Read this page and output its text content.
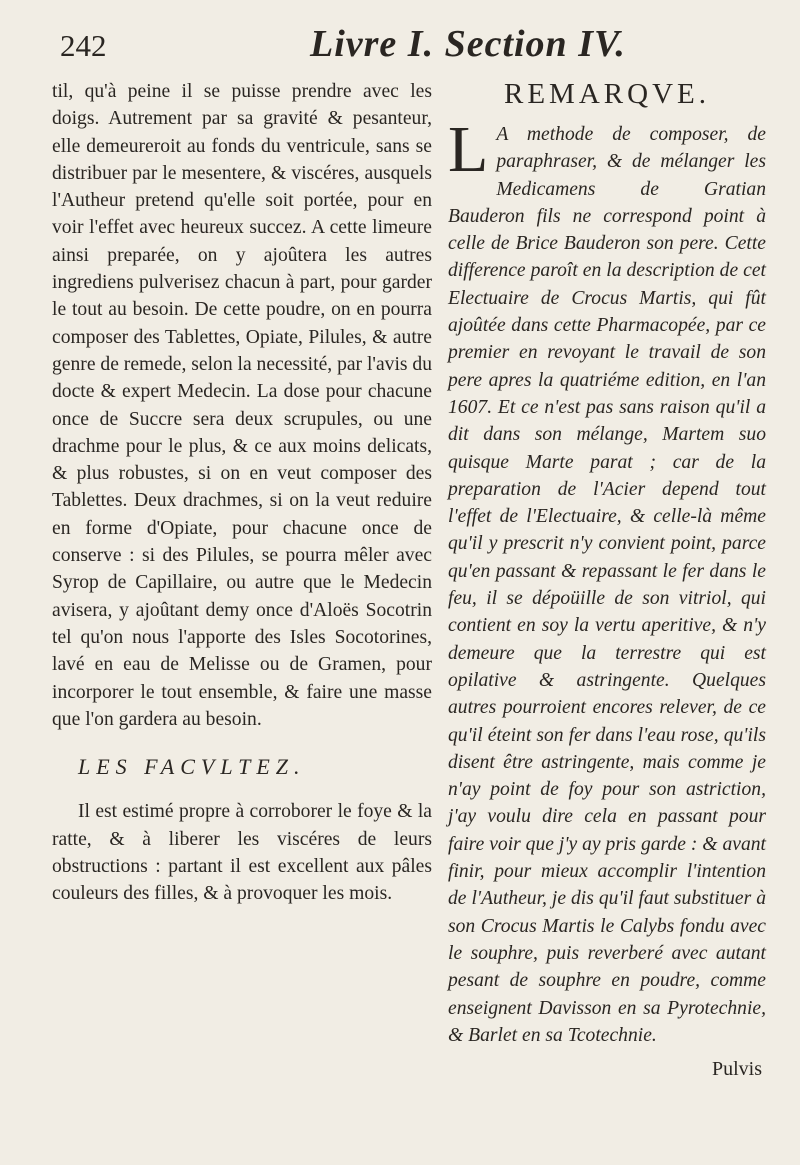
242	Livre I. Section IV.

til, qu'à peine il se puisse prendre avec les doigs. Autrement par sa gravité & pesanteur, elle demeureroit au fonds du ventricule, sans se distribuer par le mesentere, & viscéres, ausquels l'Autheur pretend qu'elle soit portée, pour en voir l'effet avec heureux succez. A cette limeure ainsi preparée, on y ajoûtera les autres ingrediens pulverisez chacun à part, pour garder le tout au besoin. De cette poudre, on en pourra composer des Tablettes, Opiate, Pilules, & autre genre de remede, selon la necessité, par l'avis du docte & expert Medecin. La dose pour chacune once de Succre sera deux scrupules, ou une drachme pour le plus, & ce aux moins delicats, & plus robustes, si on en veut composer des Tablettes. Deux drachmes, si on la veut reduire en forme d'Opiate, pour chacune once de conserve : si des Pilules, se pourra mêler avec Syrop de Capillaire, ou autre que le Medecin avisera, y ajoûtant demy once d'Aloës Socotrin tel qu'on nous l'apporte des Isles Socotorines, lavé en eau de Melisse ou de Gramen, pour incorporer le tout ensemble, & faire une masse que l'on gardera au besoin.

LES FACVLTEZ.

Il est estimé propre à corroborer le foye & la ratte, & à liberer les viscéres de leurs obstructions : partant il est excellent aux pâles couleurs des filles, & à provoquer les mois.

REMARQVE.

L A methode de composer, de paraphraser, & de mélanger les Medicamens de Gratian Bauderon fils ne correspond point à celle de Brice Bauderon son pere. Cette difference paroît en la description de cet Electuaire de Crocus Martis, qui fût ajoûtée dans cette Pharmacopée, par ce premier en revoyant le travail de son pere apres la quatriéme edition, en l'an 1607. Et ce n'est pas sans raison qu'il a dit dans son mélange, Martem suo quisque Marte parat ; car de la preparation de l'Acier depend tout l'effet de l'Electuaire, & celle-là même qu'il y prescrit n'y convient point, parce qu'en passant & repassant le fer dans le feu, il se dépoüille de son vitriol, qui contient en soy la vertu aperitive, & n'y demeure que la terrestre qui est opilative & astringente. Quelques autres pourroient encores relever, de ce qu'il éteint son fer dans l'eau rose, qu'ils disent être astringente, mais comme je n'ay point de foy pour son astriction, j'ay voulu dire cela en passant pour faire voir que j'y ay pris garde : & avant finir, pour mieux accomplir l'intention de l'Autheur, je dis qu'il faut substituer à son Crocus Martis le Calybs fondu avec le souphre, puis reverberé avec autant pesant de souphre en poudre, comme enseignent Davisson en sa Pyrotechnie, & Barlet en sa Tcotechnie.

Pulvis
